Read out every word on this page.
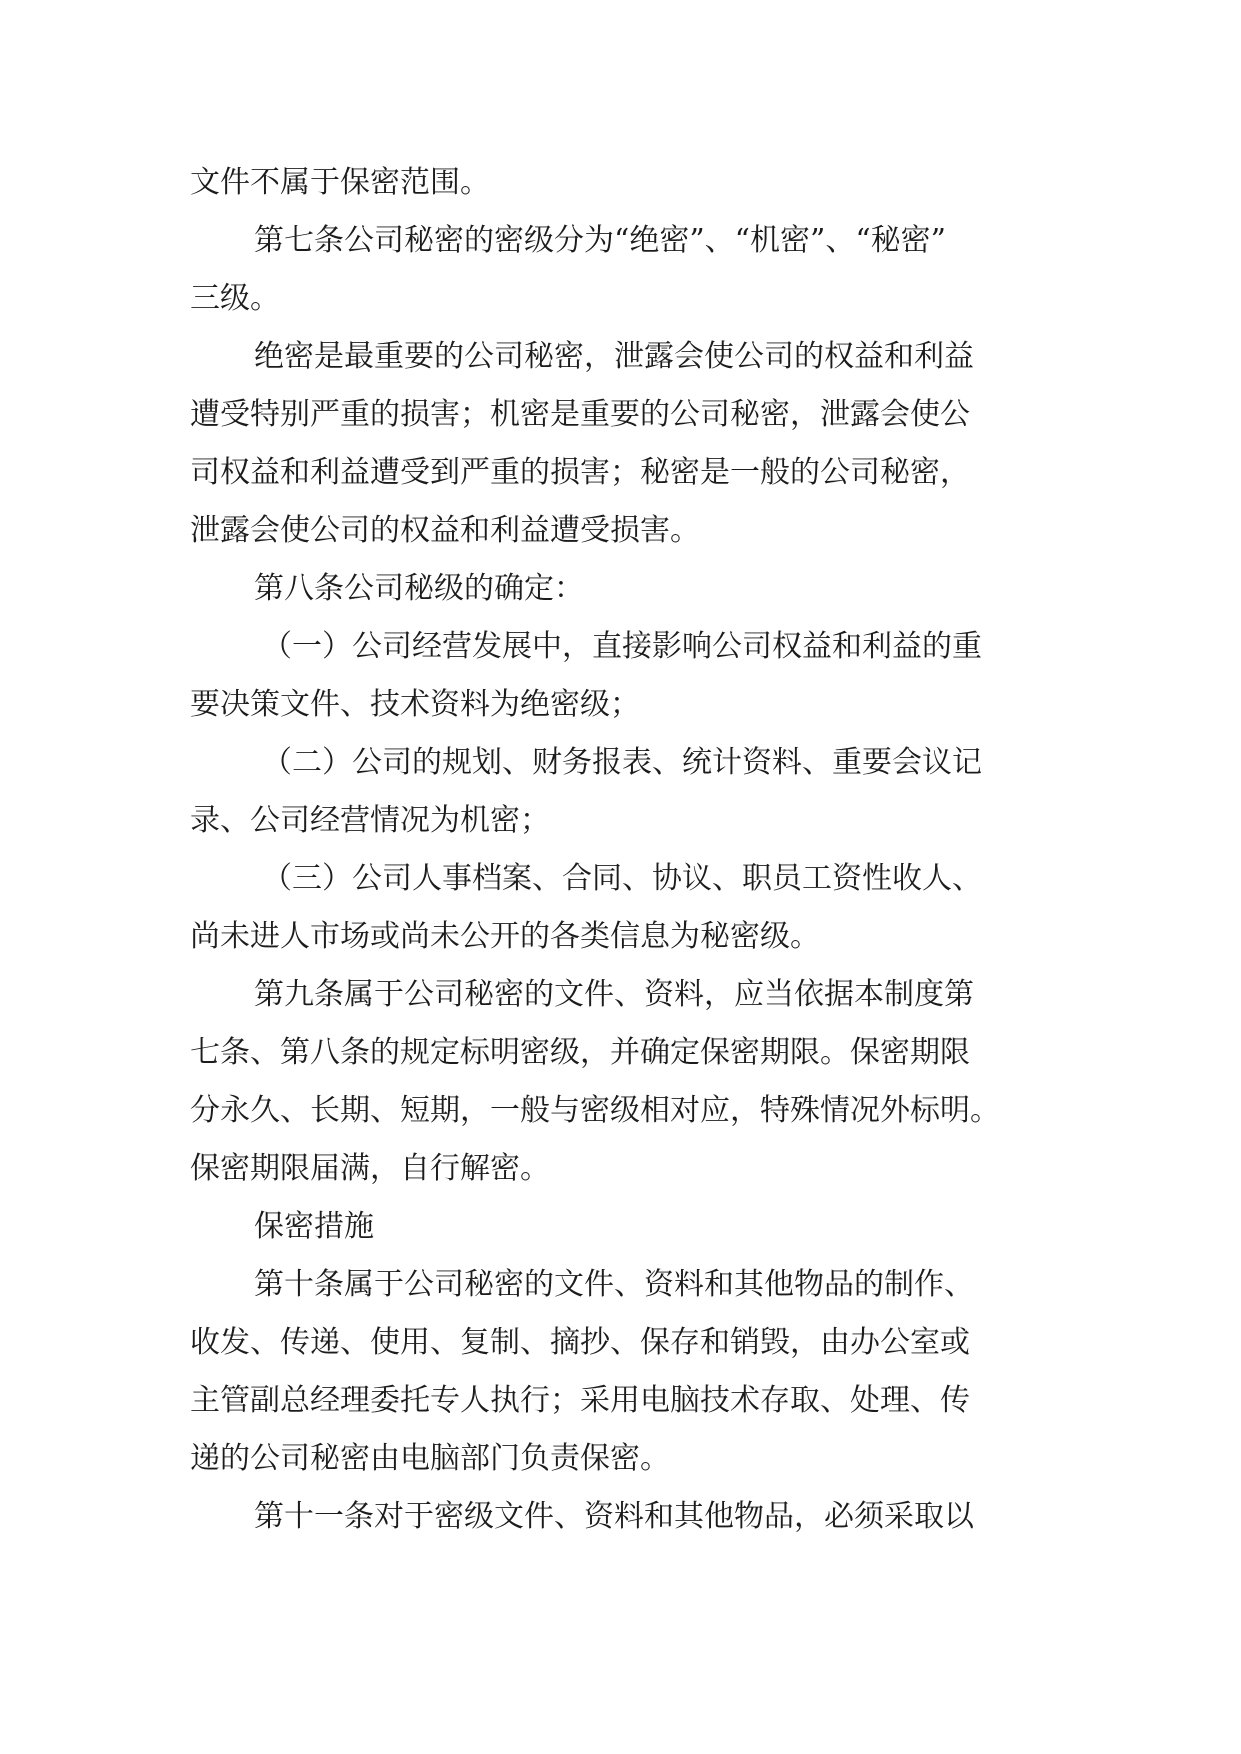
文件不属于保密范围。
第七条公司秘密的密级分为“绝密”、“机密”、“秘密”
三级。
绝密是最重要的公司秘密，泄露会使公司的权益和利益
遭受特别严重的损害；机密是重要的公司秘密，泄露会使公
司权益和利益遭受到严重的损害；秘密是一般的公司秘密，
泄露会使公司的权益和利益遭受损害。
第八条公司秘级的确定：
（一）公司经营发展中，直接影响公司权益和利益的重
要决策文件、技术资料为绝密级；
（二）公司的规划、财务报表、统计资料、重要会议记
录、公司经营情况为机密；
（三）公司人事档案、合同、协议、职员工资性收人、
尚未进人市场或尚未公开的各类信息为秘密级。
第九条属于公司秘密的文件、资料，应当依据本制度第
七条、第八条的规定标明密级，并确定保密期限。保密期限
分永久、长期、短期，一般与密级相对应，特殊情况外标明。
保密期限届满，自行解密。
保密措施
第十条属于公司秘密的文件、资料和其他物品的制作、
收发、传递、使用、复制、摘抄、保存和销毁，由办公室或
主管副总经理委托专人执行；采用电脑技术存取、处理、传
递的公司秘密由电脑部门负责保密。
第十一条对于密级文件、资料和其他物品，必须采取以
